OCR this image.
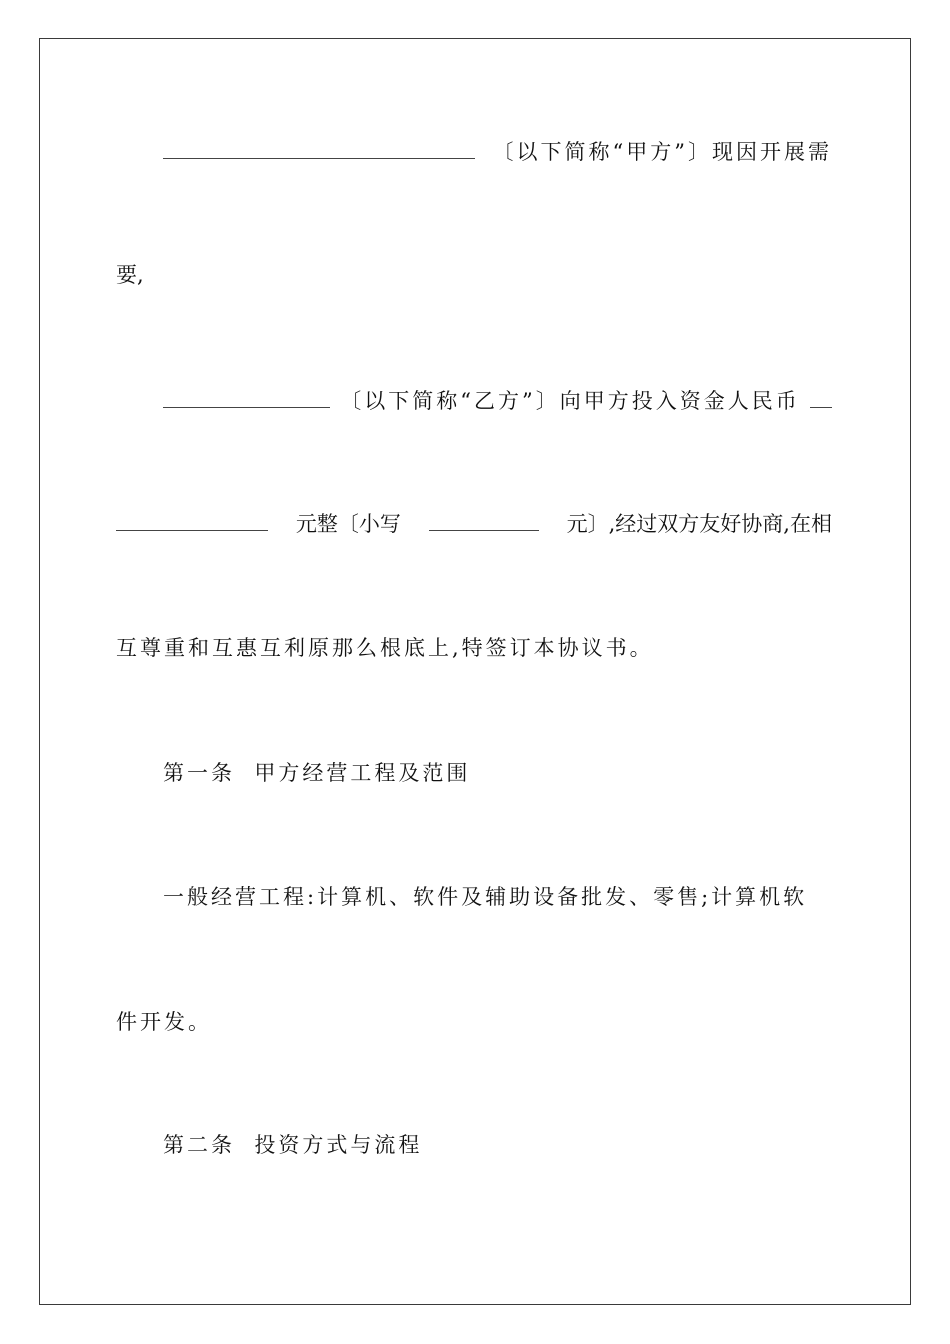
〔以下简称“甲方”〕现因开展需
要,
〔以下简称“乙方”〕向甲方投入资金人民币
元整〔小写	元〕,经过双方友好协商,在相
互尊重和互惠互利原那么根底上,特签订本协议书。
第一条  甲方经营工程及范围
一般经营工程:计算机、软件及辅助设备批发、零售;计算机软
件开发。
第二条  投资方式与流程
